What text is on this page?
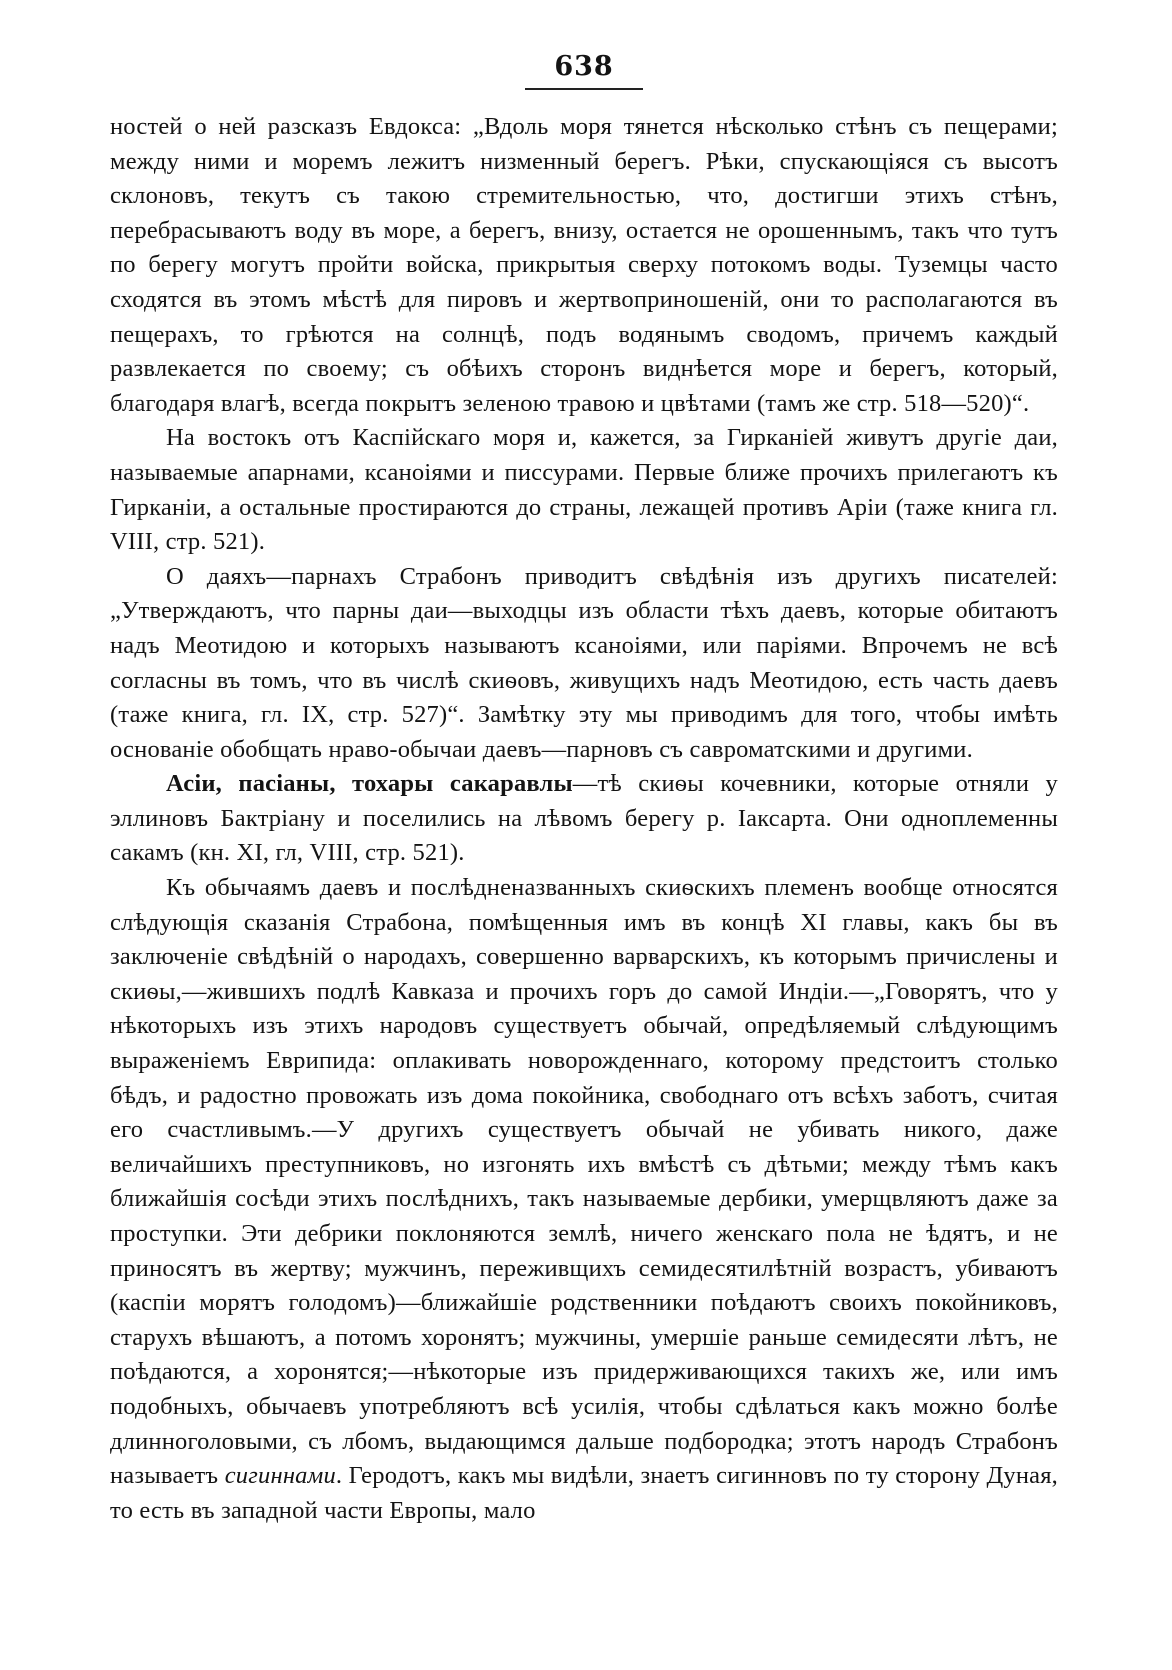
638

ностей о ней разсказъ Евдокса: „Вдоль моря тянется нѣсколько стѣнъ съ пещерами; между ними и моремъ лежитъ низменный берегъ. Рѣки, спускающіяся съ высотъ склоновъ, текутъ съ такою стремительностью, что, достигши этихъ стѣнъ, перебрасываютъ воду въ море, а берегъ, внизу, остается не орошеннымъ, такъ что тутъ по берегу могутъ пройти войска, прикрытыя сверху потокомъ воды. Туземцы часто сходятся въ этомъ мѣстѣ для пировъ и жертвоприношеній, они то располагаются въ пещерахъ, то грѣются на солнцѣ, подъ водянымъ сводомъ, причемъ каждый развлекается по своему; съ обѣихъ сторонъ виднѣется море и берегъ, который, благодаря влагѣ, всегда покрытъ зеленою травою и цвѣтами (тамъ же стр. 518—520)“.

На востокъ отъ Каспійскаго моря и, кажется, за Гирканіей живутъ другіе даи, называемые апарнами, ксаноіями и писсурами. Первые ближе прочихъ прилегаютъ къ Гирканіи, а остальные простираются до страны, лежащей противъ Аріи (таже книга гл. VIII, стр. 521).

О даяхъ—парнахъ Страбонъ приводитъ свѣдѣнія изъ другихъ писателей: „Утверждаютъ, что парны даи—выходцы изъ области тѣхъ даевъ, которые обитаютъ надъ Меотидою и которыхъ называютъ ксаноіями, или паріями. Впрочемъ не всѣ согласны въ томъ, что въ числѣ скиѳовъ, живущихъ надъ Меотидою, есть часть даевъ (таже книга, гл. IX, стр. 527)“. Замѣтку эту мы приводимъ для того, чтобы имѣть основаніе обобщать нраво-обычаи даевъ—парновъ съ савроматскими и другими.

Асіи, пасіаны, тохары сакаравлы—тѣ скиѳы кочевники, которые отняли у эллиновъ Бактріану и поселились на лѣвомъ берегу р. Іаксарта. Они одноплеменны сакамъ (кн. XI, гл, VIII, стр. 521).

Къ обычаямъ даевъ и послѣдненазванныхъ скиѳскихъ племенъ вообще относятся слѣдующія сказанія Страбона, помѣщенныя имъ въ концѣ XI главы, какъ бы въ заключеніе свѣдѣній о народахъ, совершенно варварскихъ, къ которымъ причислены и скиѳы,—жившихъ подлѣ Кавказа и прочихъ горъ до самой Индіи.—„Говорятъ, что у нѣкоторыхъ изъ этихъ народовъ существуетъ обычай, опредѣляемый слѣдующимъ выраженіемъ Еврипида: оплакивать новорожденнаго, которому предстоитъ столько бѣдъ, и радостно провожать изъ дома покойника, свободнаго отъ всѣхъ заботъ, считая его счастливымъ.—У другихъ существуетъ обычай не убивать никого, даже величайшихъ преступниковъ, но изгонять ихъ вмѣстѣ съ дѣтьми; между тѣмъ какъ ближайшія сосѣди этихъ послѣднихъ, такъ называемые дербики, умерщвляютъ даже за проступки. Эти дебрики поклоняются землѣ, ничего женскаго пола не ѣдятъ, и не приносятъ въ жертву; мужчинъ, переживщихъ семидесятилѣтній возрастъ, убиваютъ (каспіи морятъ голодомъ)—ближайшіе родственники поѣдаютъ своихъ покойниковъ, старухъ вѣшаютъ, а потомъ хоронятъ; мужчины, умершіе раньше семидесяти лѣтъ, не поѣдаются, а хоронятся;—нѣкоторые изъ придерживающихся такихъ же, или имъ подобныхъ, обычаевъ употребляютъ всѣ усилія, чтобы сдѣлаться какъ можно болѣе длинноголовыми, съ лбомъ, выдающимся дальше подбородка; этотъ народъ Страбонъ называетъ сигиннами. Геродотъ, какъ мы видѣли, знаетъ сигинновъ по ту сторону Дуная, то есть въ западной части Европы, мало
